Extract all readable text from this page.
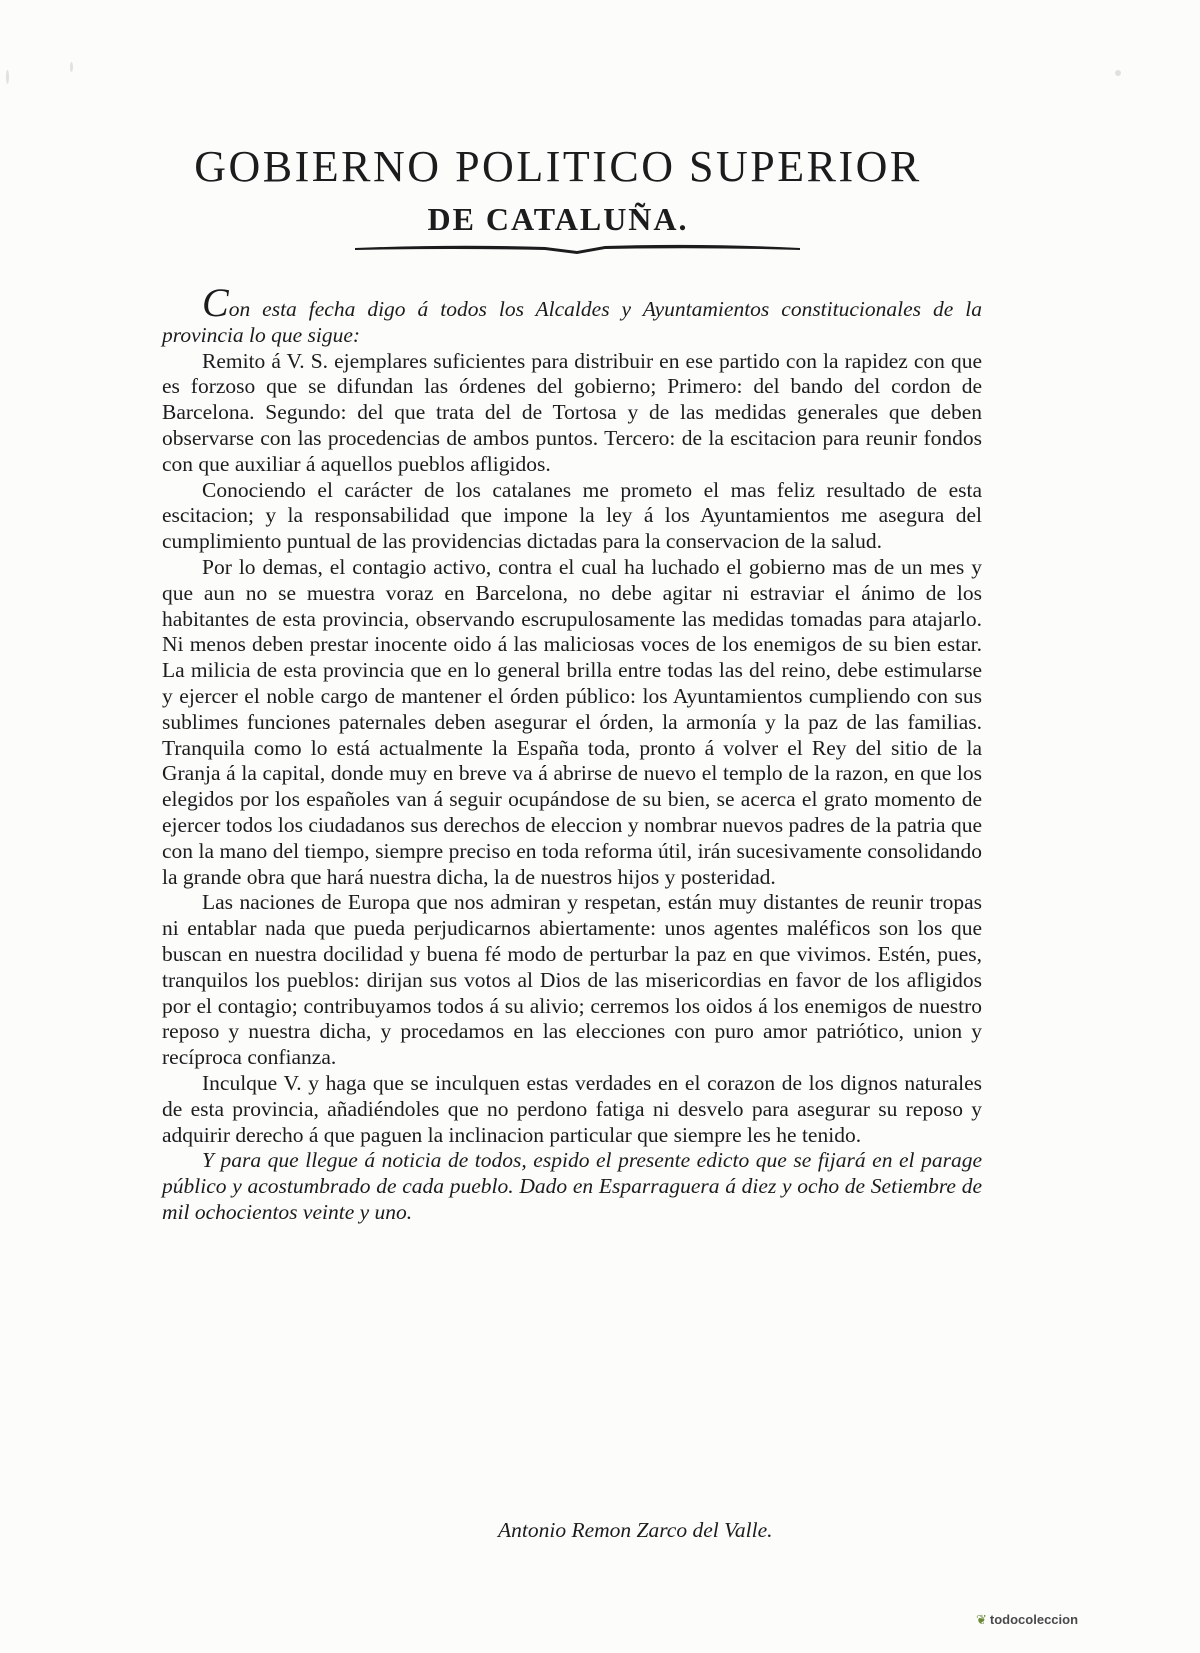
GOBIERNO POLITICO SUPERIOR
DE CATALUÑA.

Con esta fecha digo á todos los Alcaldes y Ayuntamientos constitucionales de la provincia lo que sigue:

Remito á V. S. ejemplares suficientes para distribuir en ese partido con la rapidez con que es forzoso que se difundan las órdenes del gobierno; Primero: del bando del cordon de Barcelona. Segundo: del que trata del de Tortosa y de las medidas generales que deben observarse con las procedencias de ambos puntos. Tercero: de la escitacion para reunir fondos con que auxiliar á aquellos pueblos afligidos.

Conociendo el carácter de los catalanes me prometo el mas feliz resultado de esta escitacion; y la responsabilidad que impone la ley á los Ayuntamientos me asegura del cumplimiento puntual de las providencias dictadas para la conservacion de la salud.

Por lo demas, el contagio activo, contra el cual ha luchado el gobierno mas de un mes y que aun no se muestra voraz en Barcelona, no debe agitar ni estraviar el ánimo de los habitantes de esta provincia, observando escrupulosamente las medidas tomadas para atajarlo. Ni menos deben prestar inocente oido á las maliciosas voces de los enemigos de su bien estar. La milicia de esta provincia que en lo general brilla entre todas las del reino, debe estimularse y ejercer el noble cargo de mantener el órden público: los Ayuntamientos cumpliendo con sus sublimes funciones paternales deben asegurar el órden, la armonía y la paz de las familias. Tranquila como lo está actualmente la España toda, pronto á volver el Rey del sitio de la Granja á la capital, donde muy en breve va á abrirse de nuevo el templo de la razon, en que los elegidos por los españoles van á seguir ocupándose de su bien, se acerca el grato momento de ejercer todos los ciudadanos sus derechos de eleccion y nombrar nuevos padres de la patria que con la mano del tiempo, siempre preciso en toda reforma útil, irán sucesivamente consolidando la grande obra que hará nuestra dicha, la de nuestros hijos y posteridad.

Las naciones de Europa que nos admiran y respetan, están muy distantes de reunir tropas ni entablar nada que pueda perjudicarnos abiertamente: unos agentes maléficos son los que buscan en nuestra docilidad y buena fé modo de perturbar la paz en que vivimos. Estén, pues, tranquilos los pueblos: dirijan sus votos al Dios de las misericordias en favor de los afligidos por el contagio; contribuyamos todos á su alivio; cerremos los oidos á los enemigos de nuestro reposo y nuestra dicha, y procedamos en las elecciones con puro amor patriótico, union y recíproca confianza.

Inculque V. y haga que se inculquen estas verdades en el corazon de los dignos naturales de esta provincia, añadiéndoles que no perdono fatiga ni desvelo para asegurar su reposo y adquirir derecho á que paguen la inclinacion particular que siempre les he tenido.

Y para que llegue á noticia de todos, espido el presente edicto que se fijará en el parage público y acostumbrado de cada pueblo. Dado en Esparraguera á diez y ocho de Setiembre de mil ochocientos veinte y uno.

Antonio Remon Zarco del Valle.
❦ todocoleccion
